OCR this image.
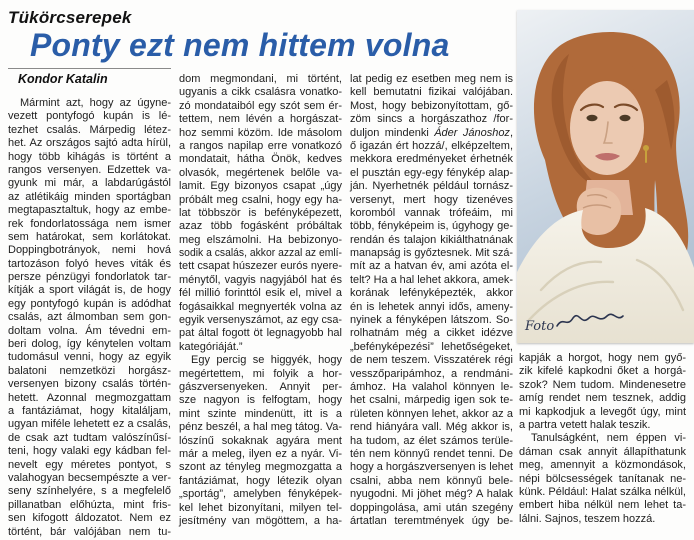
Tükörcserepek
Ponty ezt nem hittem volna
Kondor Katalin
Mármint azt, hogy az úgyne-
vezett pontyfogó kupán is lé-
tezhet csalás. Márpedig létez-
het. Az országos sajtó adta hírül,
hogy több kihágás is történt a
rangos versenyen. Edzettek va-
gyunk mi már, a labdarúgástól
az atlétikáig minden sportágban
megtapasztaltuk, hogy az embe-
rek fondorlatossága nem ismer
sem határokat, sem korlátokat.
Doppingbotrányok, nemi hová
tartozáson folyó heves viták és
persze pénzügyi fondorlatok tar-
kítják a sport világát is, de hogy
egy pontyfogó kupán is adódhat
csalás, azt álmomban sem gon-
doltam volna. Ám tévedni em-
beri dolog, így kénytelen voltam
tudomásul venni, hogy az egyik
balatoni nemzetközi horgász-
versenyen bizony csalás történ-
hetett. Azonnal megmozgattam
a fantáziámat, hogy kitaláljam,
ugyan miféle lehetett ez a csalás,
de csak azt tudtam valószínűsí-
teni, hogy valaki egy kádban fel-
nevelt egy méretes pontyot, s
valahogyan becsempészte a ver-
seny színhelyére, s a megfelelő
pillanatban előhúzta, mint fris-
sen kifogott áldozatot. Nem ez
történt, bár valójában nem tu-
dom megmondani, mi történt,
ugyanis a cikk csalásra vonatko-
zó mondataiból egy szót sem ér-
tettem, nem lévén a horgászat-
hoz semmi közöm. Ide másolom
a rangos napilap erre vonatkozó
mondatait, hátha Önök, kedves
olvasók, megértenek belőle va-
lamit. Egy bizonyos csapat „úgy
próbált meg csalni, hogy egy ha-
lat többször is befényképezett,
azaz több fogásként próbáltak
meg elszámolni. Ha bebizonyo-
sodik a csalás, akkor azzal az emlí-
tett csapat húszezer eurós nyere-
ménytől, vagyis nagyjából hat és
fél millió forinttól esik el, mivel a
fogásaikkal megnyerték volna az
egyik versenyszámot, az egy csa-
pat által fogott öt legnagyobb hal
kategóriáját.”
Egy percig se higgyék, hogy
megértettem, mi folyik a hor-
gászversenyeken. Annyit per-
sze nagyon is felfogtam, hogy
mint szinte mindenütt, itt is a
pénz beszél, a hal meg tátog. Va-
lószínű sokaknak agyára ment
már a meleg, ilyen ez a nyár. Vi-
szont az tényleg megmozgatta a
fantáziámat, hogy létezik olyan
„sportág”, amelyben fényképek-
kel lehet bizonyítani, milyen tel-
jesítmény van mögöttem, a ha-
lat pedig ez esetben meg nem is
kell bemutatni fizikai valójában.
Most, hogy bebizonyítottam, gő-
zöm sincs a horgászathoz /for-
duljon mindenki Áder Jánoshoz,
ő igazán ért hozzá/, elképzeltem,
mekkora eredményeket érhetnék
el pusztán egy-egy fénykép alap-
ján. Nyerhetnék például tornász-
versenyt, mert hogy tizenéves
koromból vannak trófeáim, mi
több, fényképeim is, úgyhogy ge-
rendán és talajon kikiálthatnának
manapság is győztesnek. Mit szá-
mít az a hatvan év, ami azóta el-
telt? Ha a hal lehet akkora, amek-
korának lefényképezték, akkor
én is lehetek annyi idős, ameny-
nyinek a fényképen látszom. So-
rolhatnám még a cikket idézve
„befényképezési” lehetőségeket,
de nem teszem. Visszatérek régi
vesszőparipámhoz, a rendmáni-
ámhoz. Ha valahol könnyen le-
het csalni, márpedig igen sok te-
rületen könnyen lehet, akkor az a
rend hiányára vall. Még akkor is,
ha tudom, az élet számos terüle-
tén nem könnyű rendet tenni. De
hogy a horgászversenyen is lehet
csalni, abba nem könnyű bele-
nyugodni. Mi jöhet még? A halak
doppingolása, ami után szegény
ártatlan teremtmények úgy be-
kapják a horgot, hogy nem győ-
zik kifelé kapkodni őket a horgá-
szok? Nem tudom. Mindenesetre
amíg rendet nem tesznek, addig
mi kapkodjuk a levegőt úgy, mint
a partra vetett halak teszik.
Tanulságként, nem éppen vi-
dáman csak annyit állapíthatunk
meg, amennyit a közmondások,
népi bölcsességek tanítanak ne-
künk. Például: Halat szálka nélkül,
embert hiba nélkül nem lehet ta-
lálni. Sajnos, teszem hozzá.
Foto
